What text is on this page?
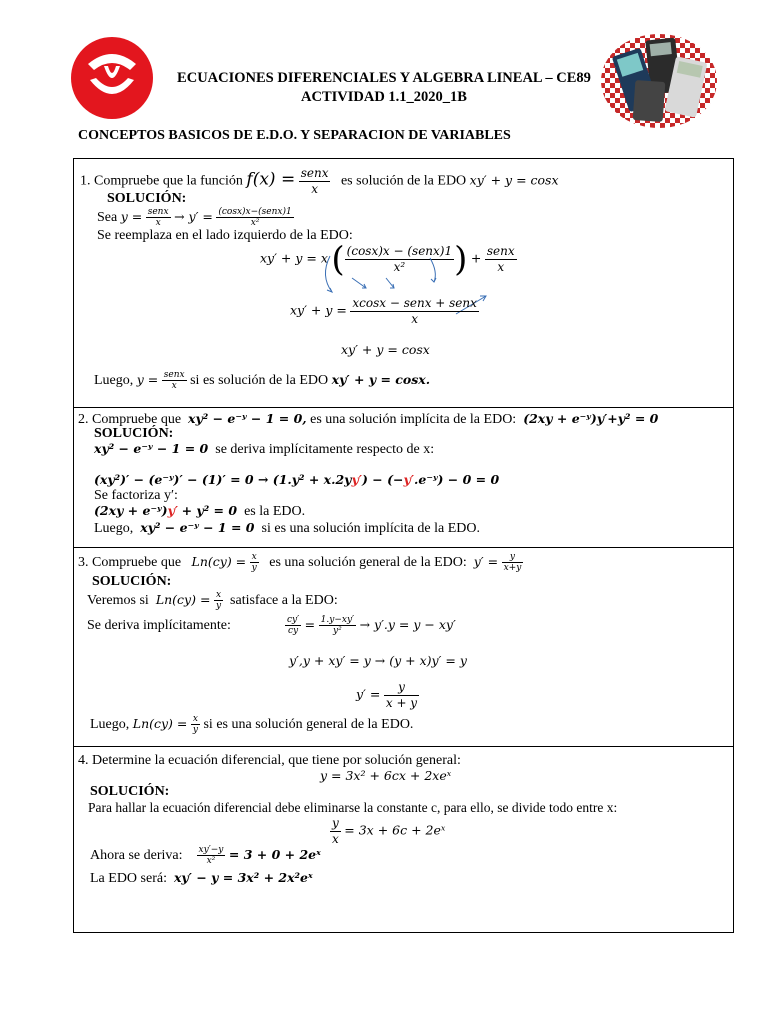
ECUACIONES DIFERENCIALES Y ALGEBRA LINEAL – CE89
ACTIVIDAD 1.1_2020_1B
CONCEPTOS BASICOS DE E.D.O. Y SEPARACION DE VARIABLES
1. Compruebe que la función $f(x) = \frac{\text{senx}}{x}$ es solución de la EDO xy′ + y = cosx
SOLUCIÓN:
Sea $y = \frac{\text{senx}}{x} \to y' = \frac{\text{(cosx)x−(senx)1}}{\text{x²}}$
Se reemplaza en el lado izquierdo de la EDO:
xy′ + y = x ( $\frac{\text{(cosx)x − (senx)1}}{\text{x²}}$ ) + $\frac{\text{senx}}{x}$
$xy' + y = \frac{\text{xcosx − senx + senx}}{x}$
xy′ + y = cosx
Luego, $y = \frac{\text{senx}}{x}$ si es solución de la EDO xy′ + y = cosx.
2. Compruebe que xy² − e⁻ʸ − 1 = 0, es una solución implícita de la EDO: (2xy + e⁻ʸ)y′+y² = 0
SOLUCIÓN:
xy² − e⁻ʸ − 1 = 0 se deriva implícitamente respecto de x:
(xy²)′ − (e⁻ʸ)′ − (1)′ = 0 → (1.y² + x.2yy′) − (−y′.e⁻ʸ) − 0 = 0
Se factoriza y′:
(2xy + e⁻ʸ)y′ + y² = 0 es la EDO.
Luego, xy² − e⁻ʸ − 1 = 0 si es una solución implícita de la EDO.
3. Compruebe que $Ln(cy) = \frac{x}{y}$ es una solución general de la EDO: $y' = \frac{y}{x+y}$
SOLUCIÓN:
Veremos si $Ln(cy) = \frac{x}{y}$ satisface a la EDO:
Se deriva implícitamente:	$\frac{cy'}{cy} = \frac{1.y-xy'}{\text{y²}} \to y'.y = y - xy'$
y′,y + xy′ = y → (y + x)y′ = y
$y' = \frac{y}{x + y}$
Luego, $Ln(cy) = \frac{x}{y}$ si es una solución general de la EDO.
4. Determine la ecuación diferencial, que tiene por solución general:
y = 3x² + 6cx + 2xeˣ
SOLUCIÓN:
Para hallar la ecuación diferencial debe eliminarse la constante c, para ello, se divide todo entre x:
$\frac{y}{x} = 3x + 6c$ + 2eˣ
Ahora se deriva: $\frac{xy'-y}{\text{x²}} = 3 + 0$ + 2eˣ
La EDO será: xy′ − y = 3x² + 2x²eˣ
